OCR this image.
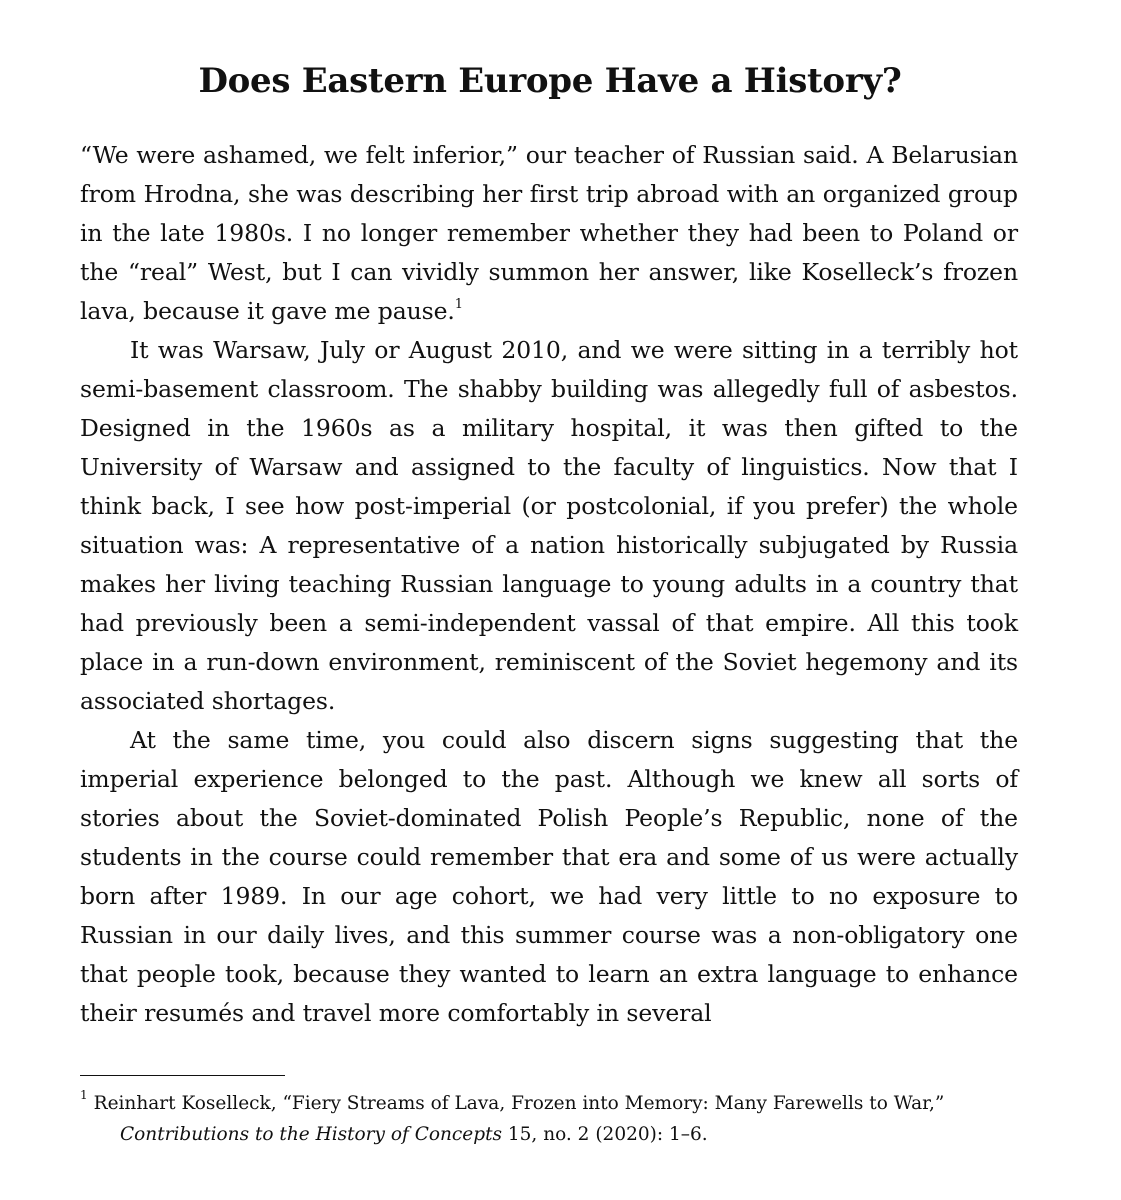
Does Eastern Europe Have a History?

“We were ashamed, we felt inferior,” our teacher of Russian said. A Belarusian from Hrodna, she was describing her first trip abroad with an organized group in the late 1980s. I no longer remember whether they had been to Poland or the “real” West, but I can vividly summon her answer, like Koselleck’s frozen lava, because it gave me pause.$^1$

It was Warsaw, July or August 2010, and we were sitting in a terribly hot semi-basement classroom. The shabby building was allegedly full of asbestos. Designed in the 1960s as a military hospital, it was then gifted to the University of Warsaw and assigned to the faculty of linguistics. Now that I think back, I see how post-imperial (or postcolonial, if you prefer) the whole situation was: A representative of a nation historically subjugated by Russia makes her living teaching Russian language to young adults in a country that had previously been a semi-independent vassal of that empire. All this took place in a run-down environment, reminiscent of the Soviet hegemony and its associated shortages.

At the same time, you could also discern signs suggesting that the imperial experience belonged to the past. Although we knew all sorts of stories about the Soviet-dominated Polish People’s Republic, none of the students in the course could remember that era and some of us were actually born after 1989. In our age cohort, we had very little to no exposure to Russian in our daily lives, and this summer course was a non-obligatory one that people took, because they wanted to learn an extra language to enhance their resumés and travel more comfortably in several

$^1$ Reinhart Koselleck, “Fiery Streams of Lava, Frozen into Memory: Many Farewells to War,”
Contributions to the History of Concepts 15, no. 2 (2020): 1–6.
